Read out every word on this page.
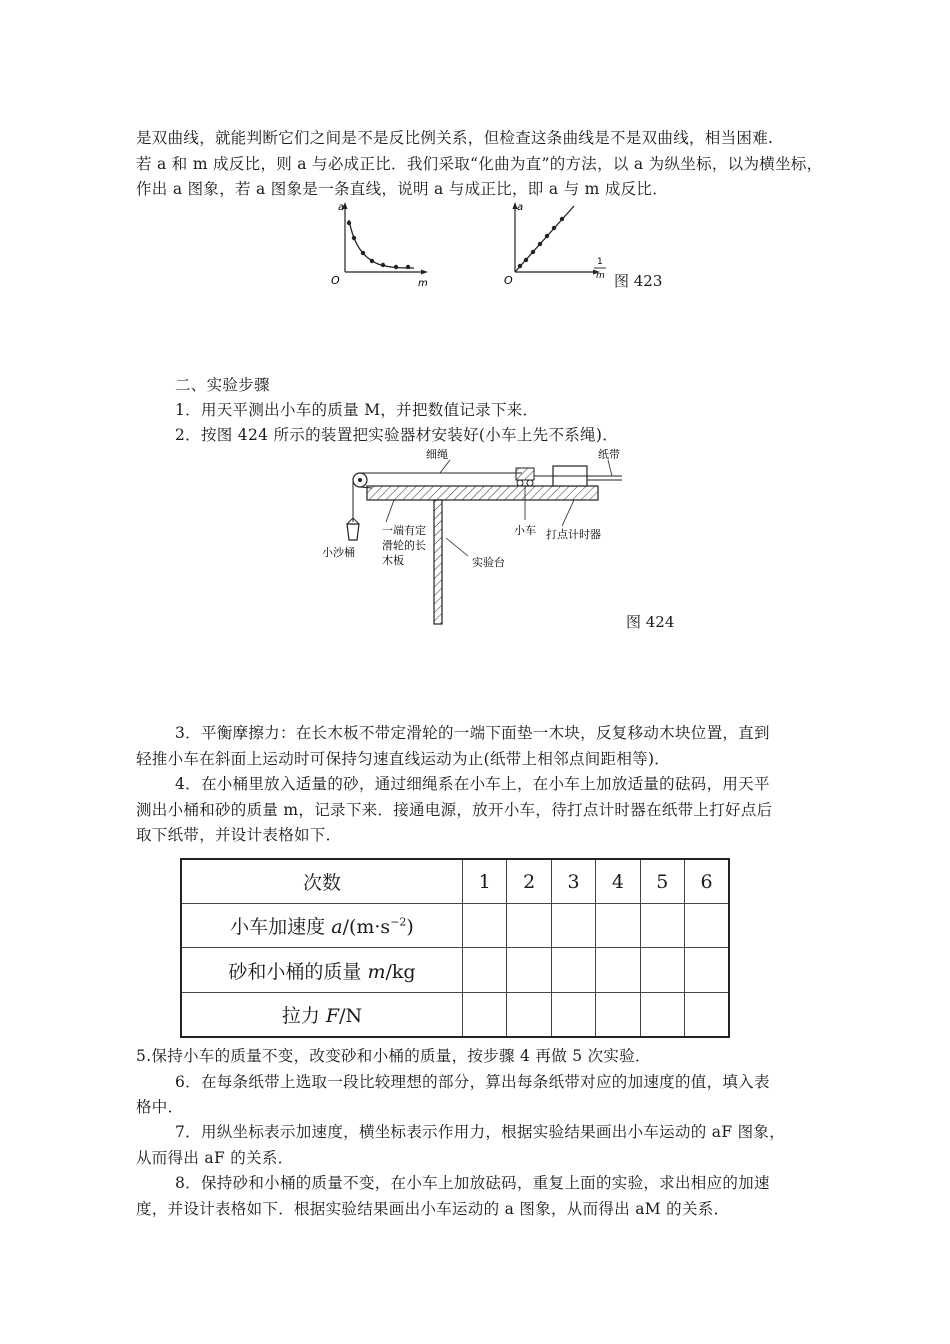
是双曲线，就能判断它们之间是不是反比例关系，但检查这条曲线是不是双曲线，相当困难.
若 a 和 m 成反比，则 a 与必成正比．我们采取“化曲为直”的方法，以 a 为纵坐标，以为横坐标，
作出 a 图象，若 a 图象是一条直线，说明 a 与成正比，即 a 与 m 成反比．
a
m
O
a
1
m
O	图 423
二、实验步骤
1．用天平测出小车的质量 M，并把数值记录下来．
2．按图 424 所示的装置把实验器材安装好(小车上先不系绳)．
细绳	纸带
小沙桶
一端有定
滑轮的长
木板
小车 打点计时器
实验台
图 424
3．平衡摩擦力：在长木板不带定滑轮的一端下面垫一木块，反复移动木块位置，直到
轻推小车在斜面上运动时可保持匀速直线运动为止(纸带上相邻点间距相等)．
4．在小桶里放入适量的砂，通过细绳系在小车上，在小车上加放适量的砝码，用天平
测出小桶和砂的质量 m，记录下来．接通电源，放开小车，待打点计时器在纸带上打好点后
取下纸带，并设计表格如下．
次数	1	2	3	4	5	6
小车加速度 $a/(m\cdot s^{-2})$						
砂和小桶的质量 m/kg						
拉力 F/N						
5.保持小车的质量不变，改变砂和小桶的质量，按步骤 4 再做 5 次实验．
6．在每条纸带上选取一段比较理想的部分，算出每条纸带对应的加速度的值，填入表
格中．
7．用纵坐标表示加速度，横坐标表示作用力，根据实验结果画出小车运动的 aF 图象，
从而得出 aF 的关系．
8．保持砂和小桶的质量不变，在小车上加放砝码，重复上面的实验，求出相应的加速
度，并设计表格如下．根据实验结果画出小车运动的 a 图象，从而得出 aM 的关系．
